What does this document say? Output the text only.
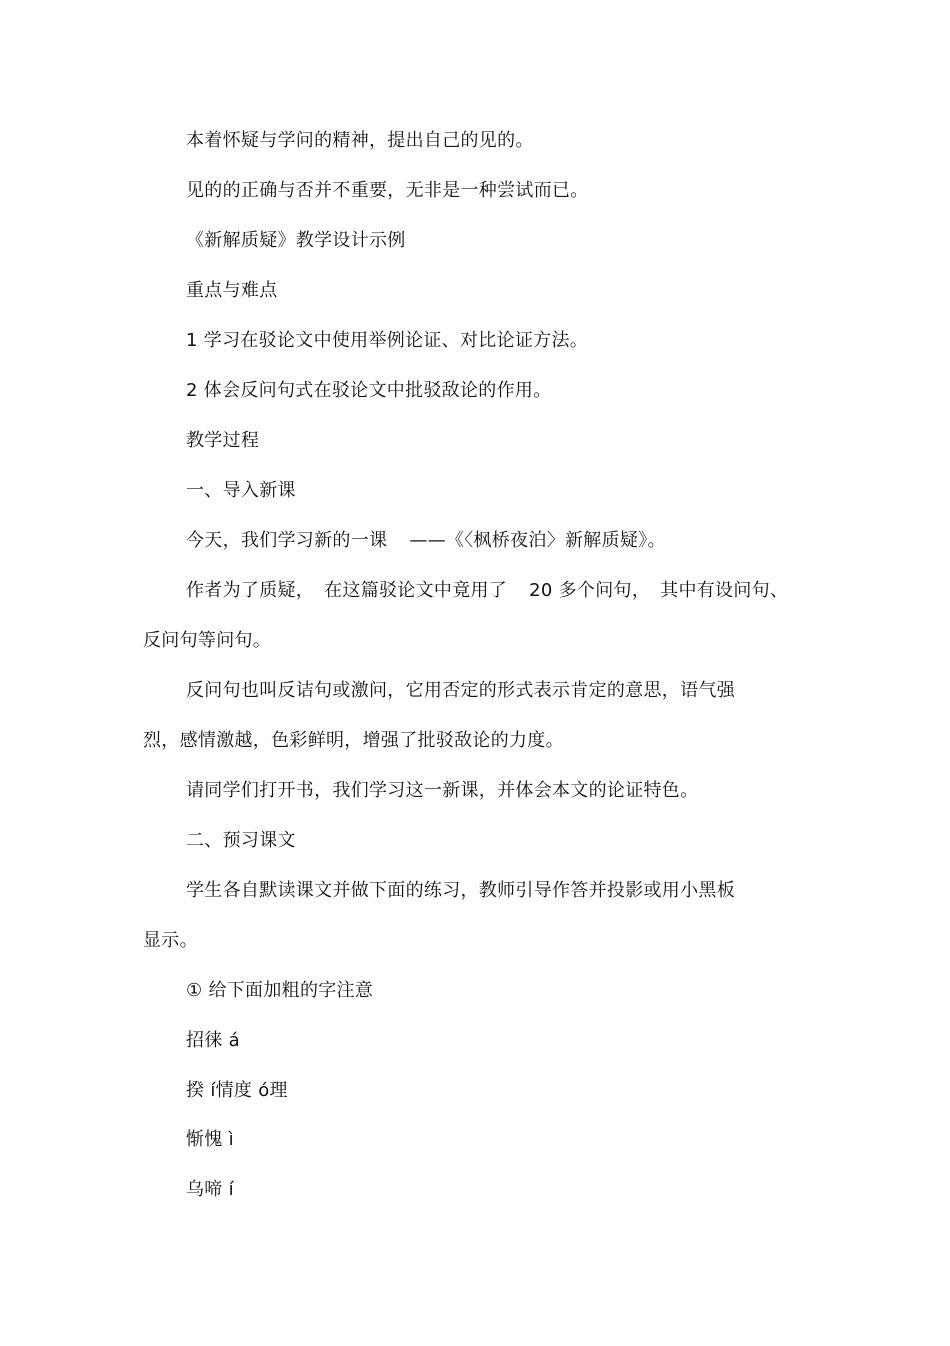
本着怀疑与学问的精神，提出自己的见的。
见的的正确与否并不重要，无非是一种尝试而已。
《新解质疑》教学设计示例
重点与难点
1 学习在驳论文中使用举例论证、对比论证方法。
2 体会反问句式在驳论文中批驳敌论的作用。
教学过程
一、导入新课
今天，我们学习新的一课 ——《〈枫桥夜泊〉新解质疑》。
作者为了质疑， 在这篇驳论文中竟用了 20 多个问句， 其中有设问句、
反问句等问句。
反问句也叫反诘句或激问，它用否定的形式表示肯定的意思，语气强
烈，感情激越，色彩鲜明，增强了批驳敌论的力度。
请同学们打开书，我们学习这一新课，并体会本文的论证特色。
二、预习课文
学生各自默读课文并做下面的练习，教师引导作答并投影或用小黑板
显示。
① 给下面加粗的字注意
招徕 á
揆 í情度 ó理
惭愧 ì
乌啼 í
